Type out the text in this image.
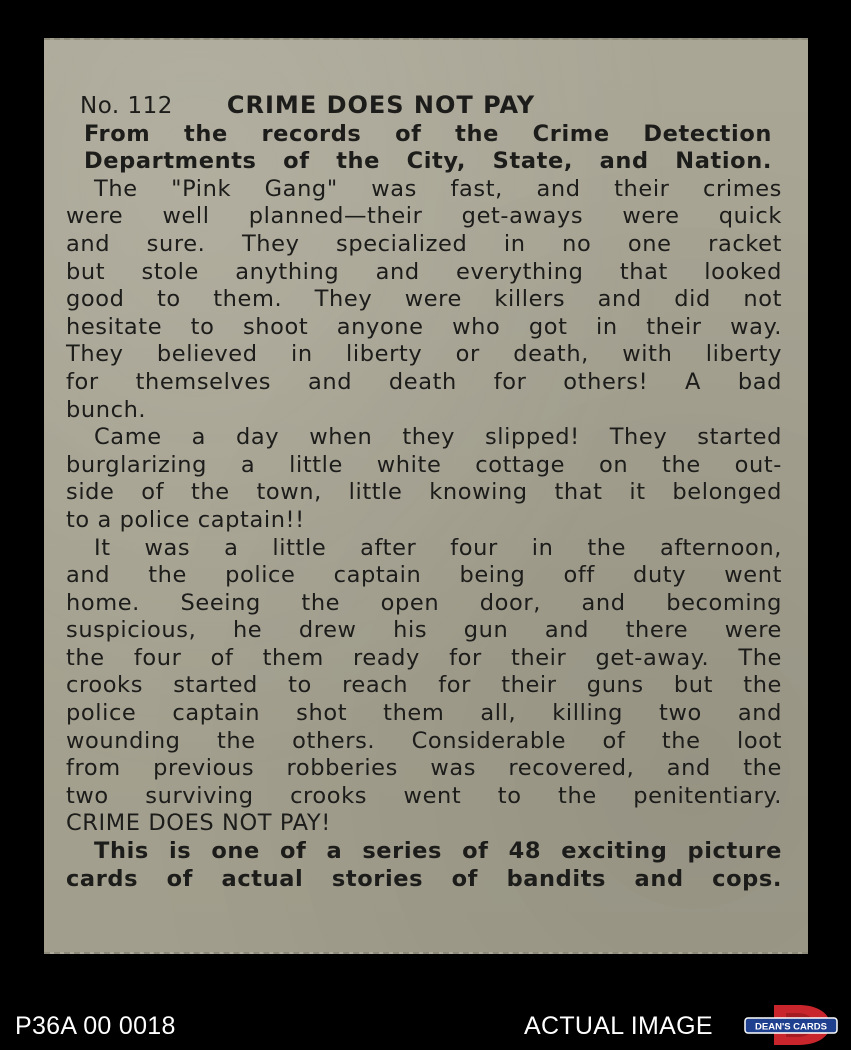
No. 112 CRIME DOES NOT PAY
From the records of the Crime Detection
Departments of the City, State, and Nation.
The "Pink Gang" was fast, and their crimes
were well planned—their get-aways were quick
and sure. They specialized in no one racket
but stole anything and everything that looked
good to them. They were killers and did not
hesitate to shoot anyone who got in their way.
They believed in liberty or death, with liberty
for themselves and death for others! A bad
bunch.
Came a day when they slipped! They started
burglarizing a little white cottage on the out-
side of the town, little knowing that it belonged
to a police captain!!
It was a little after four in the afternoon,
and the police captain being off duty went
home. Seeing the open door, and becoming
suspicious, he drew his gun and there were
the four of them ready for their get-away. The
crooks started to reach for their guns but the
police captain shot them all, killing two and
wounding the others. Considerable of the loot
from previous robberies was recovered, and the
two surviving crooks went to the penitentiary.
CRIME DOES NOT PAY!
This is one of a series of 48 exciting picture
cards of actual stories of bandits and cops.
P36A 00 0018	ACTUAL IMAGE	DEAN'S CARDS
